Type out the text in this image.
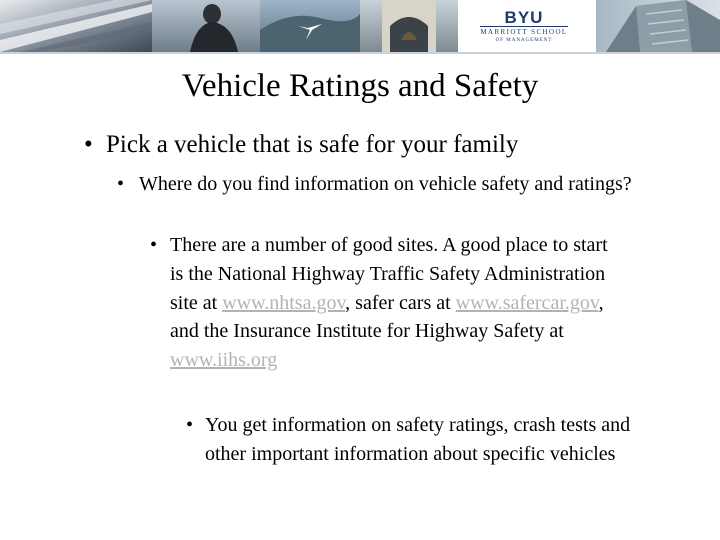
BYU
MARRIOTT SCHOOL
OF MANAGEMENT
Vehicle Ratings and Safety
• Pick a vehicle that is safe for your family
• Where do you find information on vehicle safety and ratings?
• There are a number of good sites. A good place to start is the National Highway Traffic Safety Administration site at www.nhtsa.gov, safer cars at www.safercar.gov, and the Insurance Institute for Highway Safety at www.iihs.org
• You get information on safety ratings, crash tests and other important information about specific vehicles
